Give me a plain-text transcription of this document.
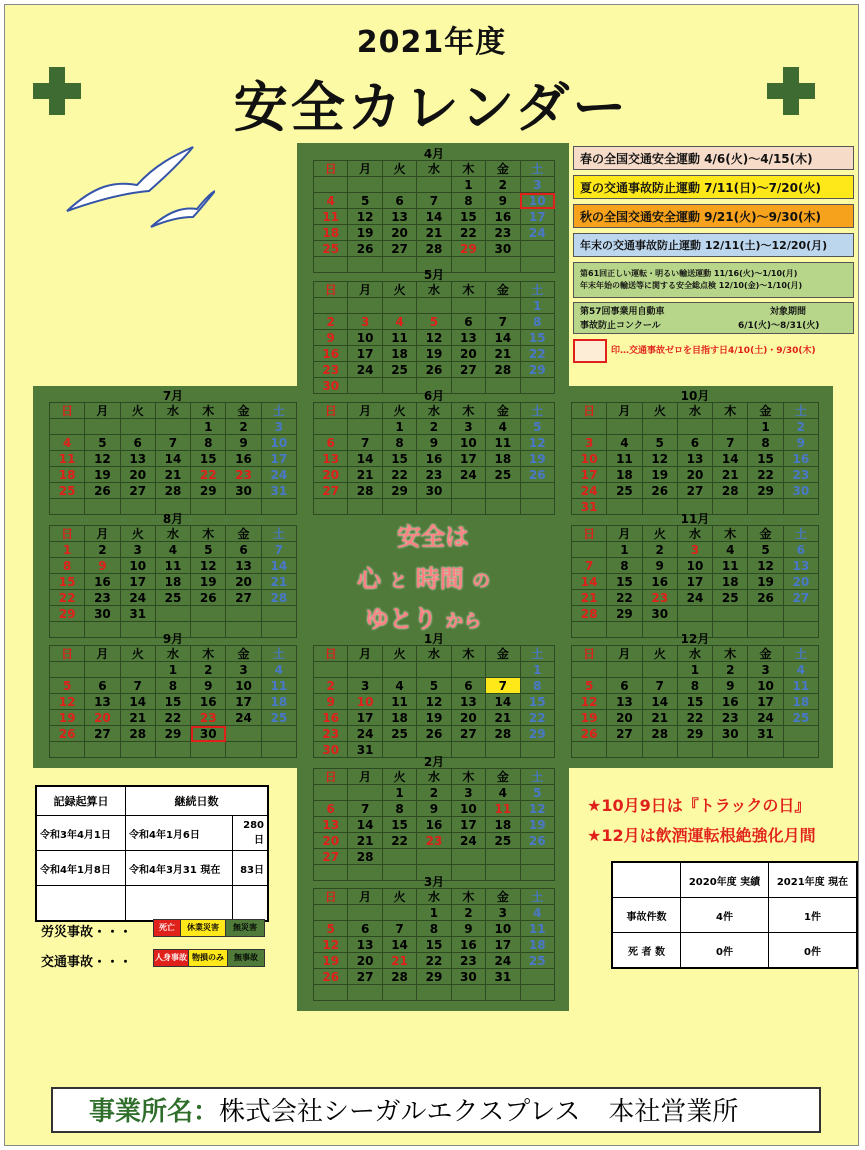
2021年度
安全カレンダー
4月
日	月	火	水	木	金	土
				1	2	3
4	5	6	7	8	9	10
11	12	13	14	15	16	17
18	19	20	21	22	23	24
25	26	27	28	29	30	

5月
日	月	火	水	木	金	土
						1
2	3	4	5	6	7	8
9	10	11	12	13	14	15
16	17	18	19	20	21	22
23	24	25	26	27	28	29
30						
6月
日	月	火	水	木	金	土
		1	2	3	4	5
6	7	8	9	10	11	12
13	14	15	16	17	18	19
20	21	22	23	24	25	26
27	28	29	30			

7月
日	月	火	水	木	金	土
				1	2	3
4	5	6	7	8	9	10
11	12	13	14	15	16	17
18	19	20	21	22	23	24
25	26	27	28	29	30	31

8月
日	月	火	水	木	金	土
1	2	3	4	5	6	7
8	9	10	11	12	13	14
15	16	17	18	19	20	21
22	23	24	25	26	27	28
29	30	31				

9月
日	月	火	水	木	金	土
			1	2	3	4
5	6	7	8	9	10	11
12	13	14	15	16	17	18
19	20	21	22	23	24	25
26	27	28	29	30		

10月
日	月	火	水	木	金	土
					1	2
3	4	5	6	7	8	9
10	11	12	13	14	15	16
17	18	19	20	21	22	23
24	25	26	27	28	29	30
31						
11月
日	月	火	水	木	金	土
	1	2	3	4	5	6
7	8	9	10	11	12	13
14	15	16	17	18	19	20
21	22	23	24	25	26	27
28	29	30				

12月
日	月	火	水	木	金	土
			1	2	3	4
5	6	7	8	9	10	11
12	13	14	15	16	17	18
19	20	21	22	23	24	25
26	27	28	29	30	31	

1月
日	月	火	水	木	金	土
						1
2	3	4	5	6	7	8
9	10	11	12	13	14	15
16	17	18	19	20	21	22
23	24	25	26	27	28	29
30	31					
2月
日	月	火	水	木	金	土
		1	2	3	4	5
6	7	8	9	10	11	12
13	14	15	16	17	18	19
20	21	22	23	24	25	26
27	28					

3月
日	月	火	水	木	金	土
			1	2	3	4
5	6	7	8	9	10	11
12	13	14	15	16	17	18
19	20	21	22	23	24	25
26	27	28	29	30	31	

安全は
心 と 時間 の
ゆとり から
春の全国交通安全運動 4/6(火)～4/15(木)
夏の交通事故防止運動 7/11(日)～7/20(火)
秋の全国交通安全運動 9/21(火)～9/30(木)
年末の交通事故防止運動 12/11(土)～12/20(月)
第61回正しい運転・明るい輸送運動 11/16(火)～1/10(月)
年末年始の輸送等に関する安全総点検 12/10(金)～1/10(月)
第57回事業用自動車	対象期間
事故防止コンクール	6/1(火)～8/31(火)
印…交通事故ゼロを目指す日4/10(土)・9/30(木)
記録起算日	継続日数	
令和3年4月1日	令和4年1月6日	280日
令和4年1月8日	令和4年3月31 現在	83日

労災事故・・・	死亡	休業災害	無災害
交通事故・・・	人身事故 物損のみ	無事故
★10月9日は『トラックの日』
★12月は飲酒運転根絶強化月間
	2020年度 実績	2021年度 現在
事故件数	4件	1件
死 者 数	0件	0件
事業所名：株式会社シーガルエクスプレス 本社営業所
